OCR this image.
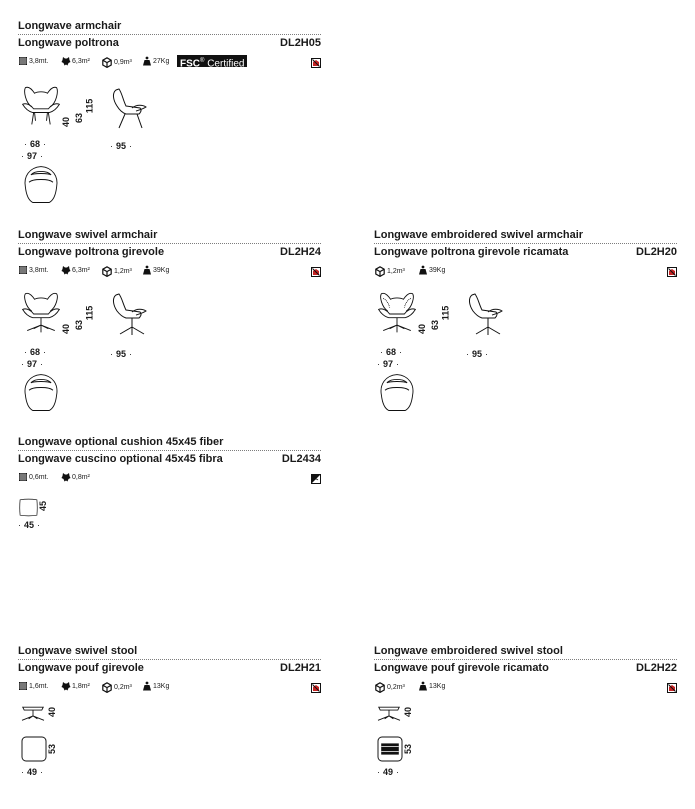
Longwave armchair
Longwave poltrona	DL2H05
3,8mt.	6,3m²	0,9m³	27Kg	FSC® Certified
40 63
115
· 68 ·
· 97 ·
· 95 ·
Longwave swivel armchair
Longwave poltrona girevole	DL2H24
3,8mt.	6,3m²	1,2m³	39Kg
40 63
115
· 68 ·
· 97 ·
· 95 ·
Longwave embroidered swivel armchair
Longwave poltrona girevole ricamata	DL2H20
1,2m³	39Kg
40 63
115
· 68 ·
· 97 ·
· 95 ·
Longwave optional cushion 45x45 fiber
Longwave cuscino optional 45x45 fibra	DL2434
0,6mt.	0,8m²
45
· 45 ·
Longwave swivel stool
Longwave pouf girevole	DL2H21
1,6mt.	1,8m²	0,2m³	13Kg
40
53
· 49 ·
Longwave embroidered swivel stool
Longwave pouf girevole ricamato	DL2H22
0,2m³	13Kg
40
53
· 49 ·
